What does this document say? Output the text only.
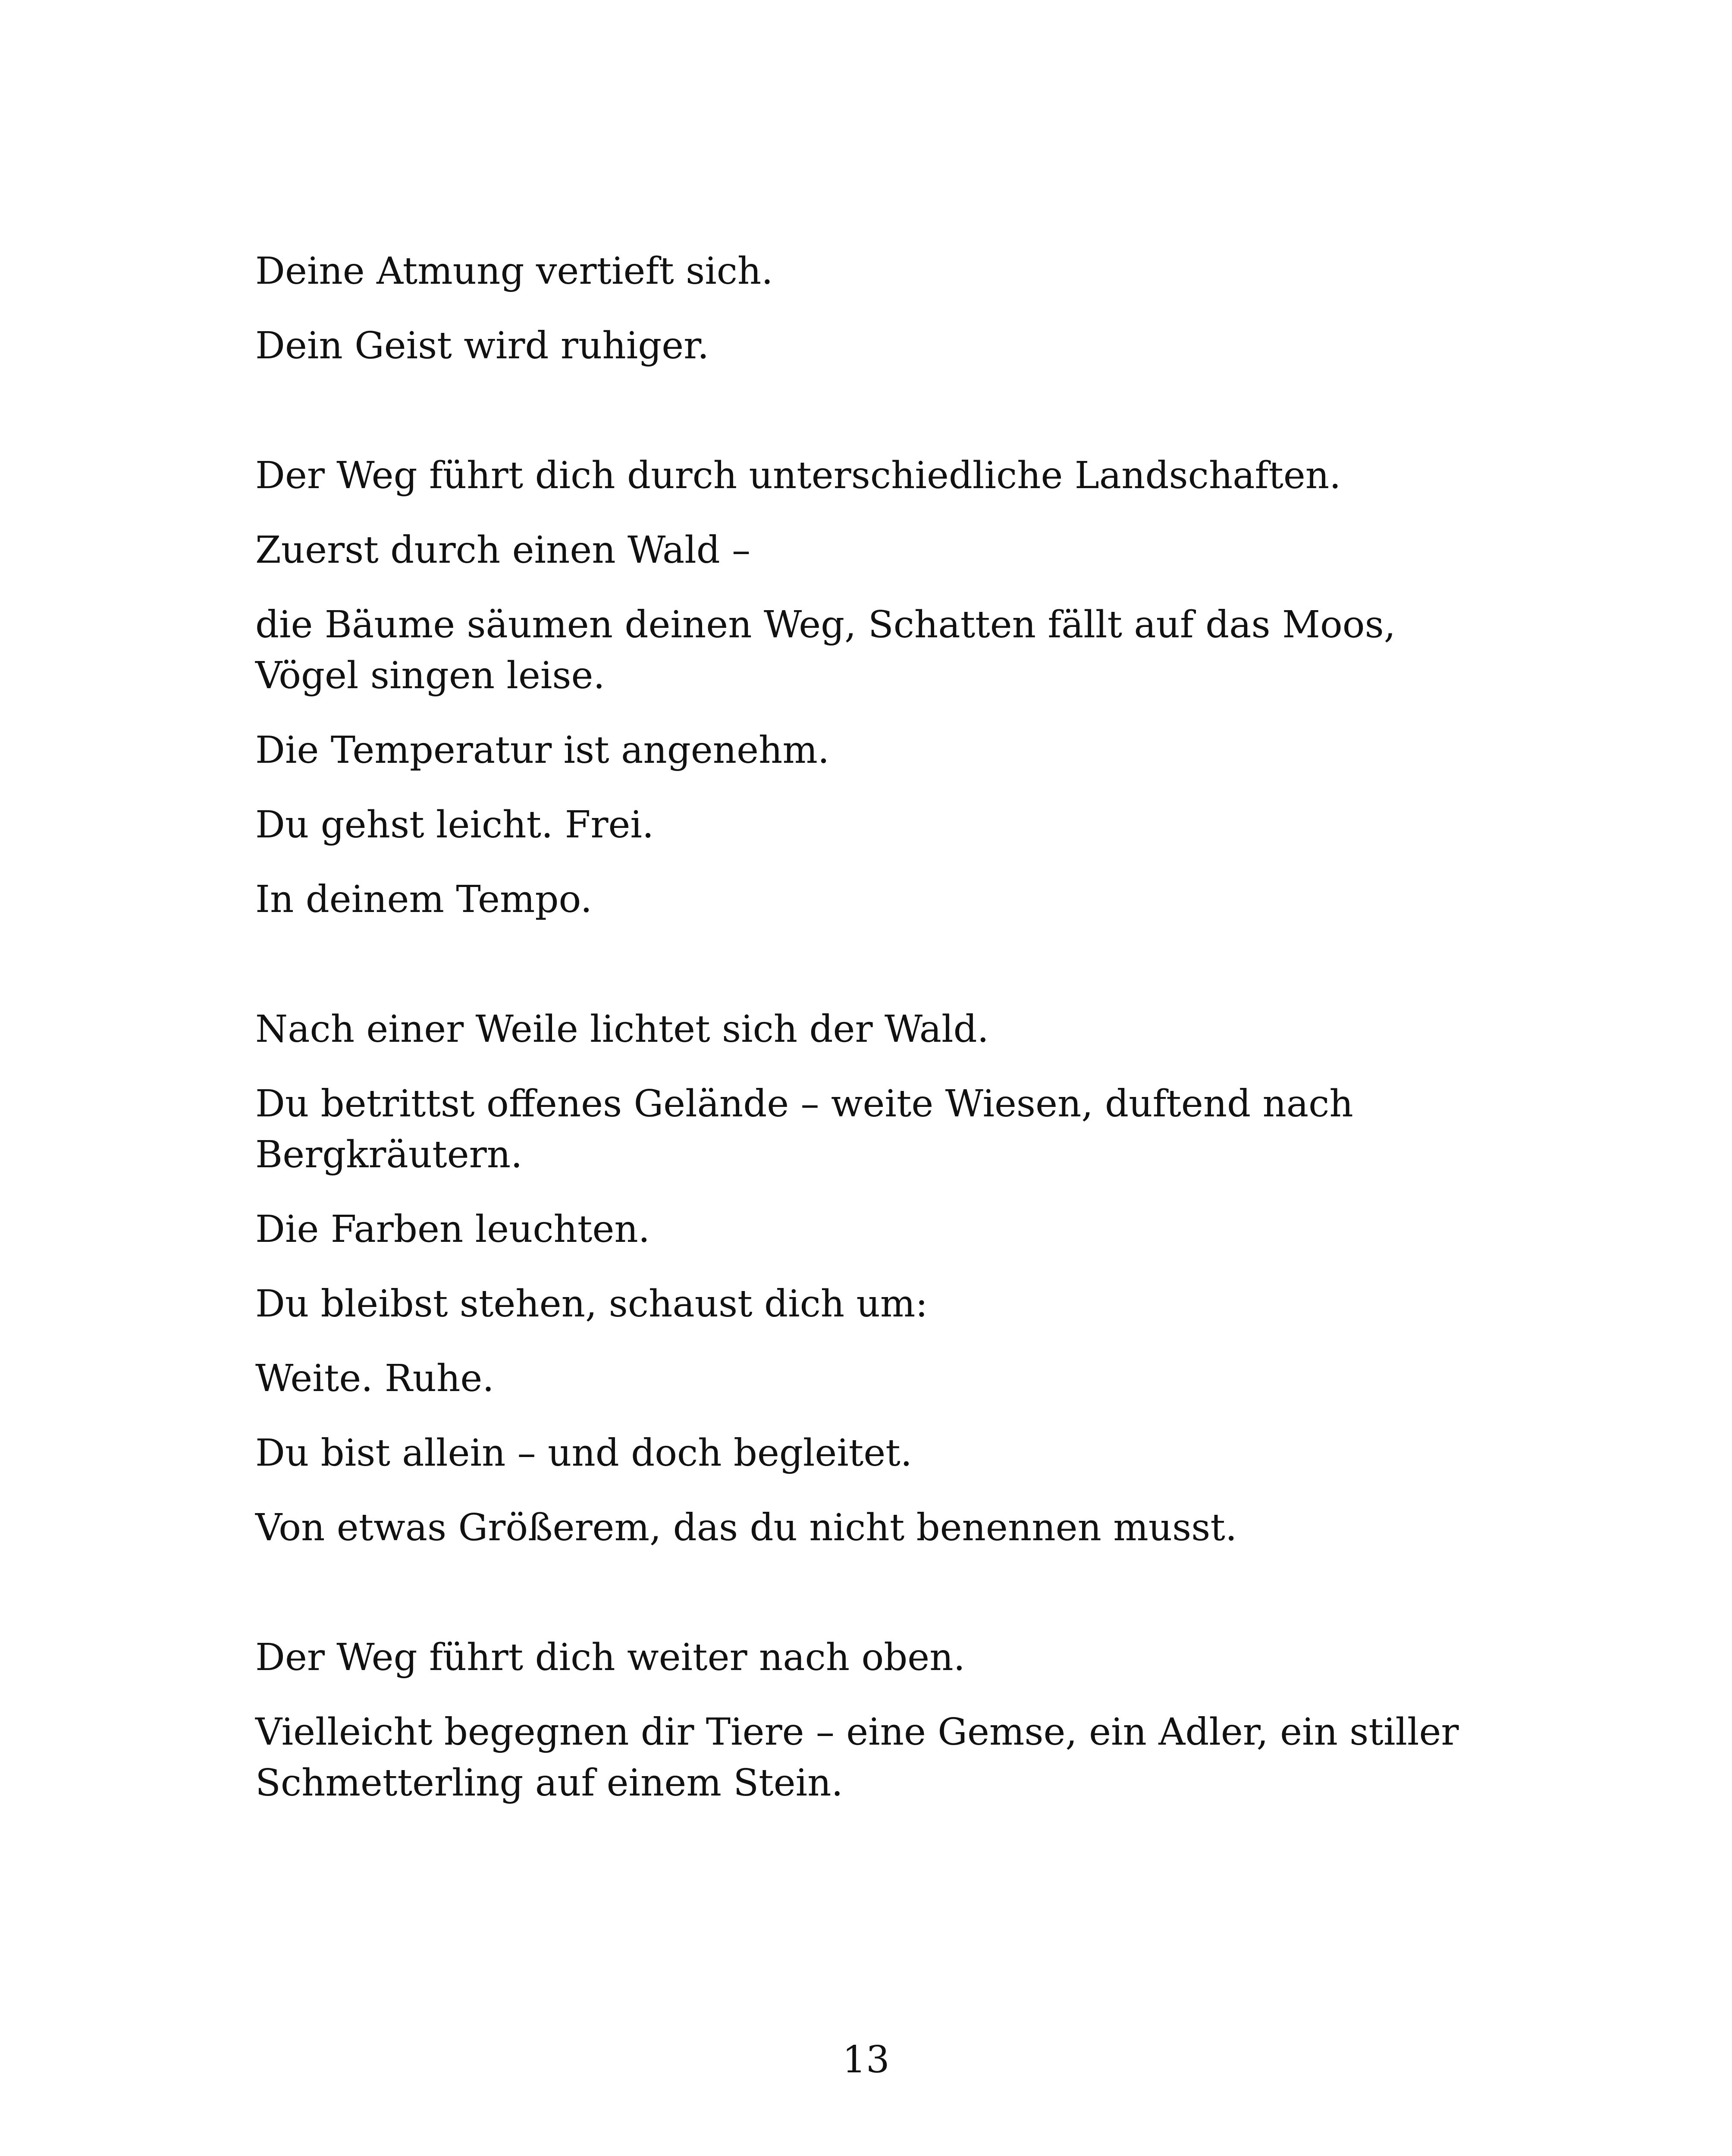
Deine Atmung vertieft sich.

Dein Geist wird ruhiger.

Der Weg führt dich durch unterschiedliche Landschaften.

Zuerst durch einen Wald –

die Bäume säumen deinen Weg, Schatten fällt auf das Moos, Vögel singen leise.

Die Temperatur ist angenehm.

Du gehst leicht. Frei.

In deinem Tempo.

Nach einer Weile lichtet sich der Wald.

Du betrittst offenes Gelände – weite Wiesen, duftend nach Bergkräutern.

Die Farben leuchten.

Du bleibst stehen, schaust dich um:

Weite. Ruhe.

Du bist allein – und doch begleitet.

Von etwas Größerem, das du nicht benennen musst.

Der Weg führt dich weiter nach oben.

Vielleicht begegnen dir Tiere – eine Gemse, ein Adler, ein stiller Schmetterling auf einem Stein.

13
